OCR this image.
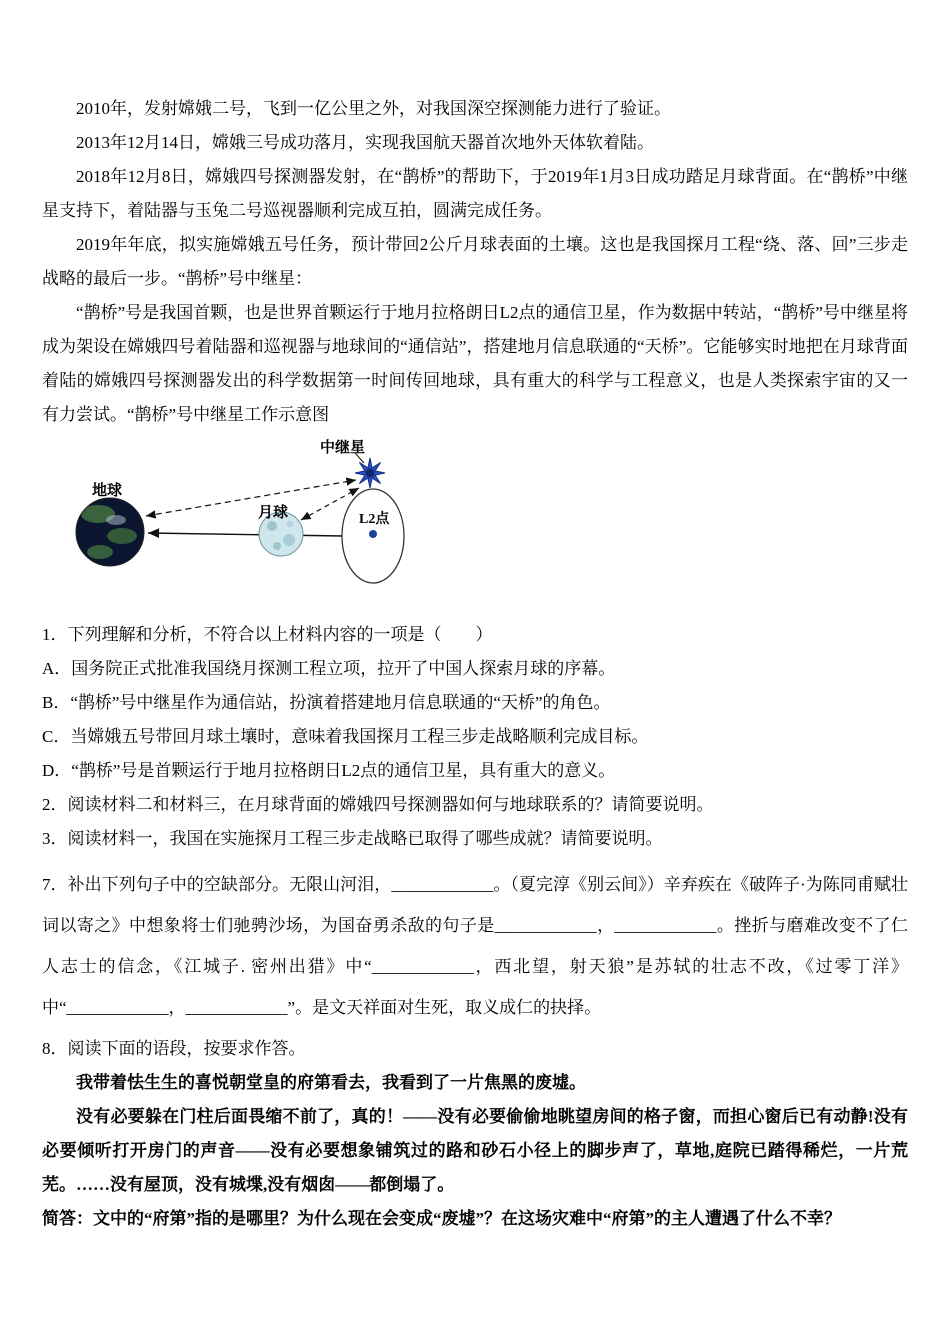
2010年，发射嫦娥二号，飞到一亿公里之外，对我国深空探测能力进行了验证。

2013年12月14日，嫦娥三号成功落月，实现我国航天器首次地外天体软着陆。

2018年12月8日，嫦娥四号探测器发射，在“鹊桥”的帮助下，于2019年1月3日成功踏足月球背面。在“鹊桥”中继星支持下，着陆器与玉兔二号巡视器顺利完成互拍，圆满完成任务。

2019年年底，拟实施嫦娥五号任务，预计带回2公斤月球表面的土壤。这也是我国探月工程“绕、落、回”三步走战略的最后一步。“鹊桥”号中继星：

“鹊桥”号是我国首颗，也是世界首颗运行于地月拉格朗日L2点的通信卫星，作为数据中转站，“鹊桥”号中继星将成为架设在嫦娥四号着陆器和巡视器与地球间的“通信站”，搭建地月信息联通的“天桥”。它能够实时地把在月球背面着陆的嫦娥四号探测器发出的科学数据第一时间传回地球，具有重大的科学与工程意义，也是人类探索宇宙的又一有力尝试。“鹊桥”号中继星工作示意图

中继星
地球
月球	L2点

1．下列理解和分析，不符合以上材料内容的一项是（　　）

A．国务院正式批准我国绕月探测工程立项，拉开了中国人探索月球的序幕。

B．“鹊桥”号中继星作为通信站，扮演着搭建地月信息联通的“天桥”的角色。

C．当嫦娥五号带回月球土壤时，意味着我国探月工程三步走战略顺利完成目标。

D．“鹊桥”号是首颗运行于地月拉格朗日L2点的通信卫星，具有重大的意义。

2．阅读材料二和材料三，在月球背面的嫦娥四号探测器如何与地球联系的？请简要说明。

3．阅读材料一，我国在实施探月工程三步走战略已取得了哪些成就？请简要说明。

7．补出下列句子中的空缺部分。无限山河泪，____________。（夏完淳《别云间》）辛弃疾在《破阵子·为陈同甫赋壮词以寄之》中想象将士们驰骋沙场，为国奋勇杀敌的句子是____________，____________。挫折与磨难改变不了仁人志士的信念，《江城子. 密州出猎》中“____________，西北望，射天狼”是苏轼的壮志不改，《过零丁洋》中“____________，____________”。是文天祥面对生死，取义成仁的抉择。

8．阅读下面的语段，按要求作答。

我带着怯生生的喜悦朝堂皇的府第看去，我看到了一片焦黑的废墟。

没有必要躲在门柱后面畏缩不前了，真的！——没有必要偷偷地眺望房间的格子窗，而担心窗后已有动静!没有必要倾听打开房门的声音——没有必要想象铺筑过的路和砂石小径上的脚步声了，草地,庭院已踏得稀烂，一片荒芜。……没有屋顶，没有城堞,没有烟囱——都倒塌了。

简答：文中的“府第”指的是哪里？为什么现在会变成“废墟”？在这场灾难中“府第”的主人遭遇了什么不幸？
